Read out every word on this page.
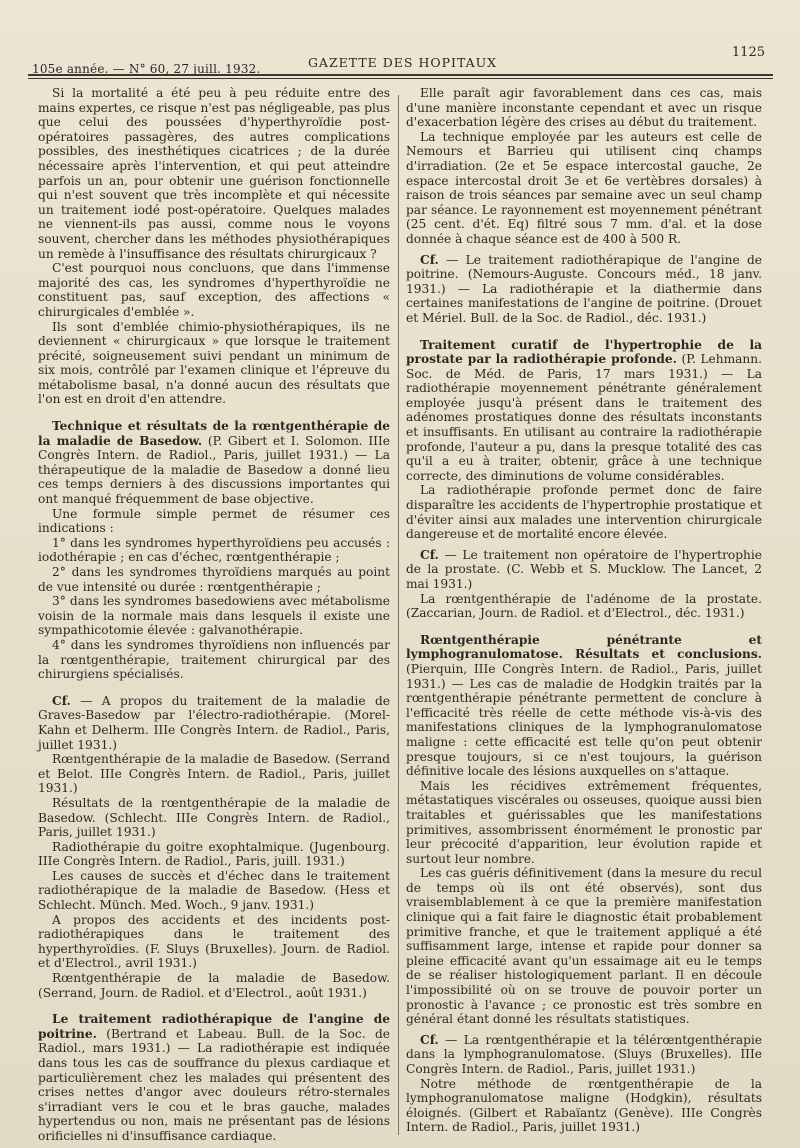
105e année. — N° 60, 27 juill. 1932.	GAZETTE DES HOPITAUX
1125

Si la mortalité a été peu à peu réduite entre des mains expertes, ce risque n'est pas négligeable, pas plus que celui des poussées d'hyperthyroïdie post-opératoires passagères, des autres complications possibles, des inesthétiques cicatrices ; de la durée nécessaire après l'intervention, et qui peut atteindre parfois un an, pour obtenir une guérison fonctionnelle qui n'est souvent que très incomplète et qui nécessite un traitement iodé post-opératoire. Quelques malades ne viennent-ils pas aussi, comme nous le voyons souvent, chercher dans les méthodes physiothérapiques un remède à l'insuffisance des résultats chirurgicaux ?

C'est pourquoi nous concluons, que dans l'immense majorité des cas, les syndromes d'hyperthyroïdie ne constituent pas, sauf exception, des affections « chirurgicales d'emblée ».

Ils sont d'emblée chimio-physiothérapiques, ils ne deviennent « chirurgicaux » que lorsque le traitement précité, soigneusement suivi pendant un minimum de six mois, contrôlé par l'examen clinique et l'épreuve du métabolisme basal, n'a donné aucun des résultats que l'on est en droit d'en attendre.

Technique et résultats de la rœntgenthérapie de la maladie de Basedow. (P. Gibert et I. Solomon. IIIe Congrès Intern. de Radiol., Paris, juillet 1931.) — La thérapeutique de la maladie de Basedow a donné lieu ces temps derniers à des discussions importantes qui ont manqué fréquemment de base objective.

Une formule simple permet de résumer ces indications :

1° dans les syndromes hyperthyroïdiens peu accusés : iodothérapie ; en cas d'échec, rœntgenthérapie ;

2° dans les syndromes thyroïdiens marqués au point de vue intensité ou durée : rœntgenthérapie ;

3° dans les syndromes basedowiens avec métabolisme voisin de la normale mais dans lesquels il existe une sympathicotomie élevée : galvanothérapie.

4° dans les syndromes thyroïdiens non influencés par la rœntgenthérapie, traitement chirurgical par des chirurgiens spécialisés.

Cf. — A propos du traitement de la maladie de Graves-Basedow par l'électro-radiothérapie. (Morel-Kahn et Delherm. IIIe Congrès Intern. de Radiol., Paris, juillet 1931.)

Rœntgenthérapie de la maladie de Basedow. (Serrand et Belot. IIIe Congrès Intern. de Radiol., Paris, juillet 1931.)

Résultats de la rœntgenthérapie de la maladie de Basedow. (Schlecht. IIIe Congrès Intern. de Radiol., Paris, juillet 1931.)

Radiothérapie du goitre exophtalmique. (Jugenbourg. IIIe Congrès Intern. de Radiol., Paris, juill. 1931.)

Les causes de succès et d'échec dans le traitement radiothérapique de la maladie de Basedow. (Hess et Schlecht. Münch. Med. Woch., 9 janv. 1931.)

A propos des accidents et des incidents post-radiothérapiques dans le traitement des hyperthyroïdies. (F. Sluys (Bruxelles). Journ. de Radiol. et d'Electrol., avril 1931.)

Rœntgenthérapie de la maladie de Basedow. (Serrand, Journ. de Radiol. et d'Electrol., août 1931.)

Le traitement radiothérapique de l'angine de poitrine. (Bertrand et Labeau. Bull. de la Soc. de Radiol., mars 1931.) — La radiothérapie est indiquée dans tous les cas de souffrance du plexus cardiaque et particulièrement chez les malades qui présentent des crises nettes d'angor avec douleurs rétro-sternales s'irradiant vers le cou et le bras gauche, malades hypertendus ou non, mais ne présentant pas de lésions orificielles ni d'insuffisance cardiaque.

Elle paraît agir favorablement dans ces cas, mais d'une manière inconstante cependant et avec un risque d'exacerbation légère des crises au début du traitement.

La technique employée par les auteurs est celle de Nemours et Barrieu qui utilisent cinq champs d'irradiation. (2e et 5e espace intercostal gauche, 2e espace intercostal droit 3e et 6e vertèbres dorsales) à raison de trois séances par semaine avec un seul champ par séance. Le rayonnement est moyennement pénétrant (25 cent. d'ét. Eq) filtré sous 7 mm. d'al. et la dose donnée à chaque séance est de 400 à 500 R.

Cf. — Le traitement radiothérapique de l'angine de poitrine. (Nemours-Auguste. Concours méd., 18 janv. 1931.) — La radiothérapie et la diathermie dans certaines manifestations de l'angine de poitrine. (Drouet et Mériel. Bull. de la Soc. de Radiol., déc. 1931.)

Traitement curatif de l'hypertrophie de la prostate par la radiothérapie profonde. (P. Lehmann. Soc. de Méd. de Paris, 17 mars 1931.) — La radiothérapie moyennement pénétrante généralement employée jusqu'à présent dans le traitement des adénomes prostatiques donne des résultats inconstants et insuffisants. En utilisant au contraire la radiothérapie profonde, l'auteur a pu, dans la presque totalité des cas qu'il a eu à traiter, obtenir, grâce à une technique correcte, des diminutions de volume considérables.

La radiothérapie profonde permet donc de faire disparaître les accidents de l'hypertrophie prostatique et d'éviter ainsi aux malades une intervention chirurgicale dangereuse et de mortalité encore élevée.

Cf. — Le traitement non opératoire de l'hypertrophie de la prostate. (C. Webb et S. Mucklow. The Lancet, 2 mai 1931.)

La rœntgenthérapie de l'adénome de la prostate. (Zaccarian, Journ. de Radiol. et d'Electrol., déc. 1931.)

Rœntgenthérapie pénétrante et lymphogranulomatose. Résultats et conclusions. (Pierquin, IIIe Congrès Intern. de Radiol., Paris, juillet 1931.) — Les cas de maladie de Hodgkin traités par la rœntgenthérapie pénétrante permettent de conclure à l'efficacité très réelle de cette méthode vis-à-vis des manifestations cliniques de la lymphogranulomatose maligne : cette efficacité est telle qu'on peut obtenir presque toujours, si ce n'est toujours, la guérison définitive locale des lésions auxquelles on s'attaque.

Mais les récidives extrêmement fréquentes, métastatiques viscérales ou osseuses, quoique aussi bien traitables et guérissables que les manifestations primitives, assombrissent énormément le pronostic par leur précocité d'apparition, leur évolution rapide et surtout leur nombre.

Les cas guéris définitivement (dans la mesure du recul de temps où ils ont été observés), sont dus vraisemblablement à ce que la première manifestation clinique qui a fait faire le diagnostic était probablement primitive franche, et que le traitement appliqué a été suffisamment large, intense et rapide pour donner sa pleine efficacité avant qu'un essaimage ait eu le temps de se réaliser histologiquement parlant. Il en découle l'impossibilité où on se trouve de pouvoir porter un pronostic à l'avance ; ce pronostic est très sombre en général étant donné les résultats statistiques.

Cf. — La rœntgenthérapie et la télérœntgenthérapie dans la lymphogranulomatose. (Sluys (Bruxelles). IIIe Congrès Intern. de Radiol., Paris, juillet 1931.)

Notre méthode de rœntgenthérapie de la lymphogranulomatose maligne (Hodgkin), résultats éloignés. (Gilbert et Rabaïantz (Genève). IIIe Congrès Intern. de Radiol., Paris, juillet 1931.)
